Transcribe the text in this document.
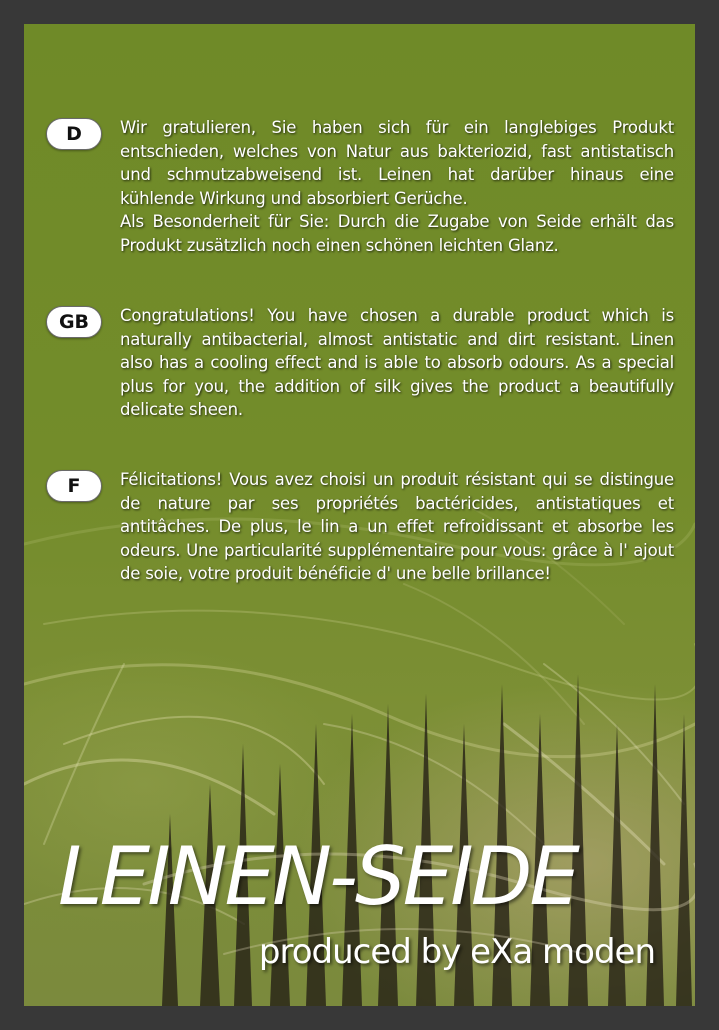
D	Wir gratulieren, Sie haben sich für ein langlebiges Produkt entschieden, welches von Natur aus bakteriozid, fast antistatisch und schmutzabweisend ist. Leinen hat darüber hinaus eine kühlende Wirkung und absorbiert Gerüche.
Als Besonderheit für Sie: Durch die Zugabe von Seide erhält das Produkt zusätzlich noch einen schönen leichten Glanz.

GB	Congratulations! You have chosen a durable product which is naturally antibacterial, almost antistatic and dirt resistant. Linen also has a cooling effect and is able to absorb odours. As a special plus for you, the addition of silk gives the product a beautifully delicate sheen.

F	Félicitations! Vous avez choisi un produit résistant qui se distingue de nature par ses propriétés bactéricides, antistatiques et antitâches. De plus, le lin a un effet refroidissant et absorbe les odeurs. Une particularité supplémentaire pour vous: grâce à l' ajout de soie, votre produit bénéficie d' une belle brillance!

LEINEN-SEIDE

produced by eXa moden
